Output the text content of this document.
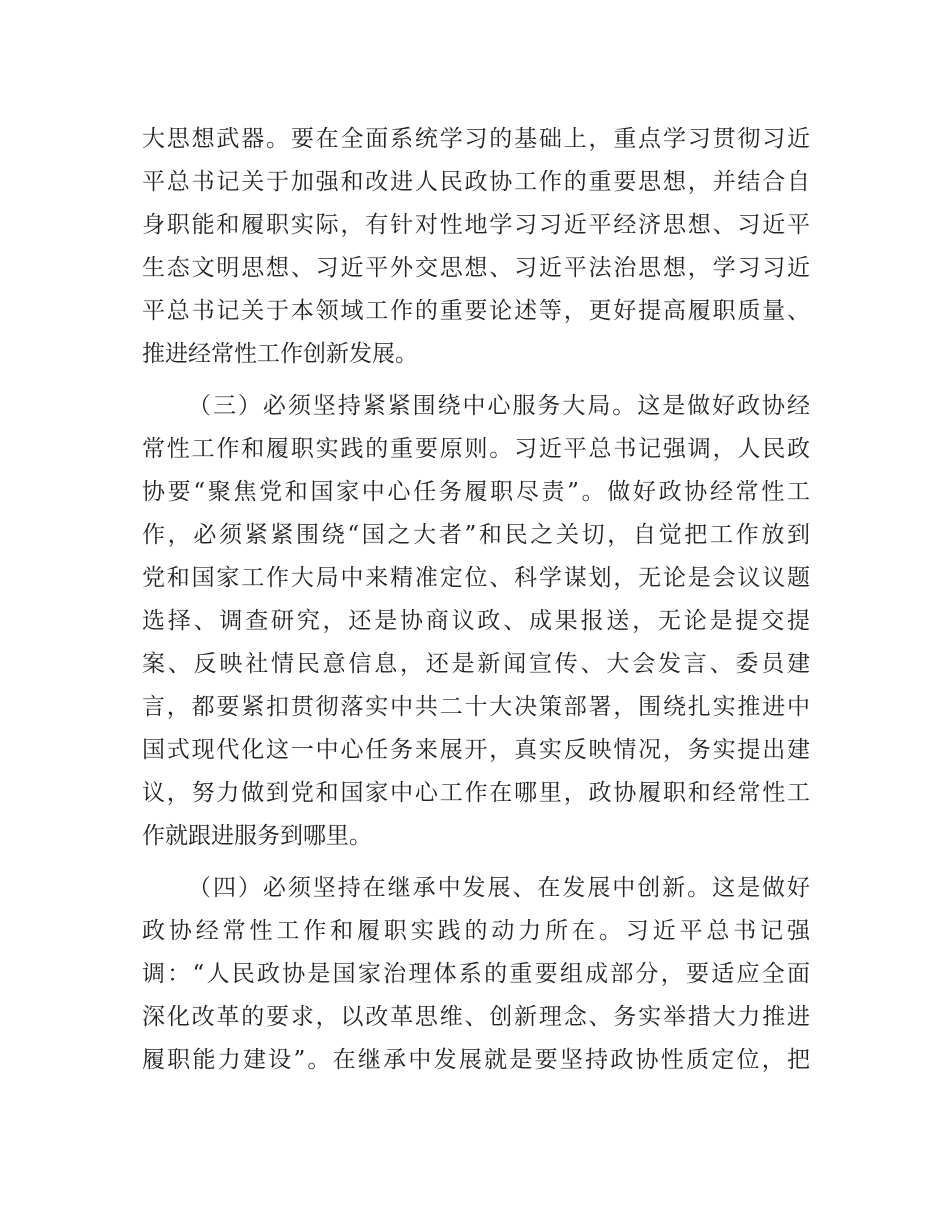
大思想武器。要在全面系统学习的基础上，重点学习贯彻习近
平总书记关于加强和改进人民政协工作的重要思想，并结合自
身职能和履职实际，有针对性地学习习近平经济思想、习近平
生态文明思想、习近平外交思想、习近平法治思想，学习习近
平总书记关于本领域工作的重要论述等，更好提高履职质量、
推进经常性工作创新发展。
（三）必须坚持紧紧围绕中心服务大局。这是做好政协经
常性工作和履职实践的重要原则。习近平总书记强调，人民政
协要“聚焦党和国家中心任务履职尽责”。做好政协经常性工
作，必须紧紧围绕“国之大者”和民之关切，自觉把工作放到
党和国家工作大局中来精准定位、科学谋划，无论是会议议题
选择、调查研究，还是协商议政、成果报送，无论是提交提
案、反映社情民意信息，还是新闻宣传、大会发言、委员建
言，都要紧扣贯彻落实中共二十大决策部署，围绕扎实推进中
国式现代化这一中心任务来展开，真实反映情况，务实提出建
议，努力做到党和国家中心工作在哪里，政协履职和经常性工
作就跟进服务到哪里。
（四）必须坚持在继承中发展、在发展中创新。这是做好
政协经常性工作和履职实践的动力所在。习近平总书记强
调：“人民政协是国家治理体系的重要组成部分，要适应全面
深化改革的要求，以改革思维、创新理念、务实举措大力推进
履职能力建设”。在继承中发展就是要坚持政协性质定位，把
